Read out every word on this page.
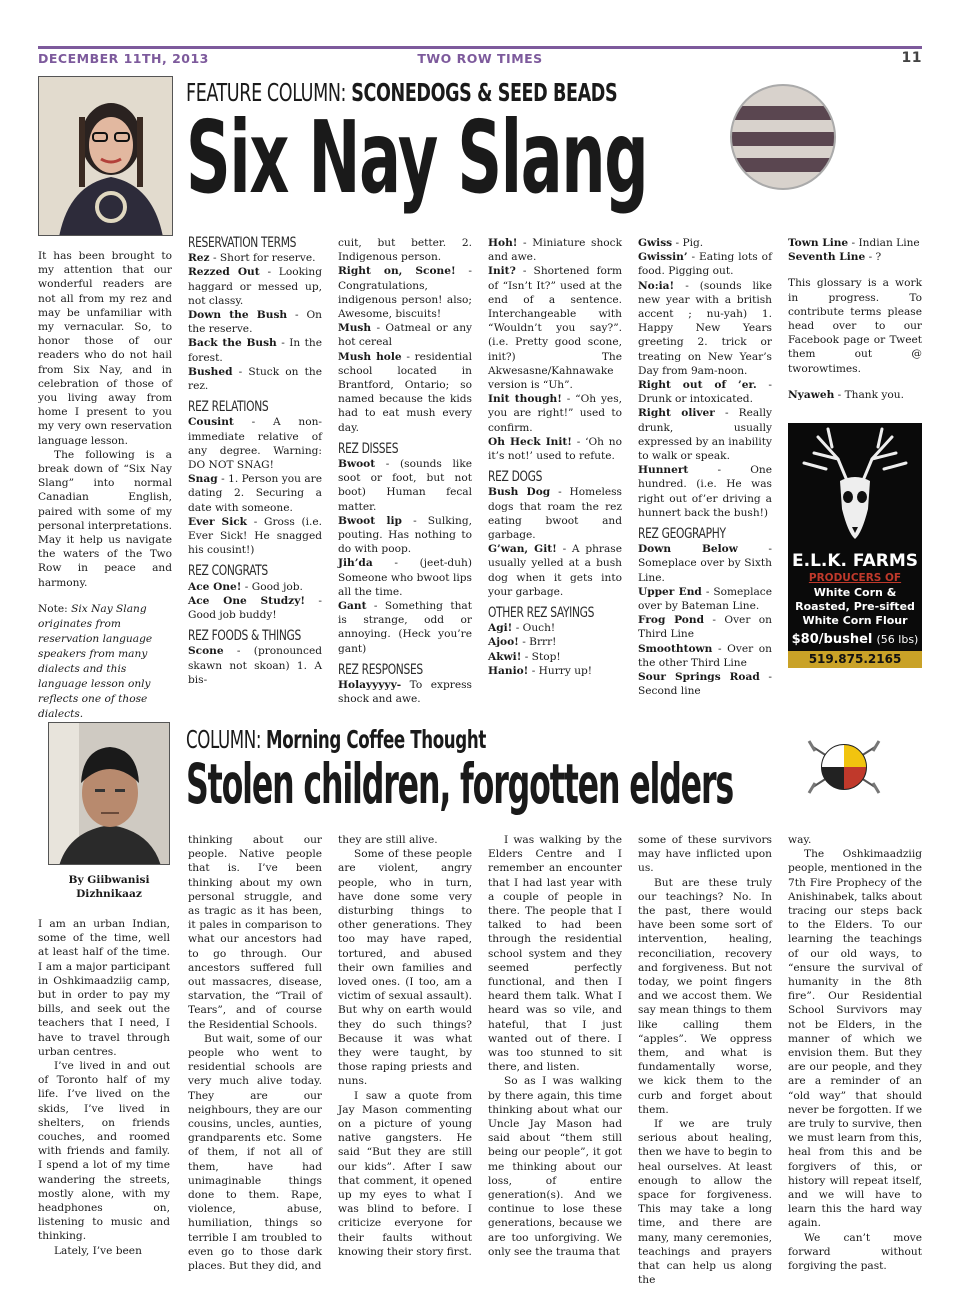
DECEMBER 11TH, 2013	TWO ROW TIMES	11
FEATURE COLUMN: SCONEDOGS & SEED BEADS
Six Nay Slang

It has been brought to my attention that our wonderful readers are not all from my rez and may be unfamiliar with my vernacular. So, to honor those of our readers who do not hail from Six Nay, and in celebration of those of you living away from home I present to you my very own reservation language lesson.

The following is a break down of “Six Nay Slang” into normal Canadian English, paired with some of my personal interpretations. May it help us navigate the waters of the Two Row in peace and harmony.

Note: Six Nay Slang originates from reservation language speakers from many dialects and this language lesson only reflects one of those dialects.

RESERVATION TERMS

Rez - Short for reserve.

Rezzed Out - Looking haggard or messed up, not classy.

Down the Bush - On the reserve.

Back the Bush - In the forest.

Bushed - Stuck on the rez.

REZ RELATIONS

Cousint - A non-immediate relative of any degree. Warning: DO NOT SNAG!

Snag - 1. Person you are dating 2. Securing a date with someone.

Ever Sick - Gross (i.e. Ever Sick! He snagged his cousint!)

REZ CONGRATS

Ace One! - Good job.

Ace One Studzy! - Good job buddy!

REZ FOODS & THINGS

Scone - (pronounced skawn not skoan) 1. A bis-

cuit, but better. 2. Indigenous person.

Right on, Scone! - Congratulations, indigenous person! also; Awesome, biscuits!

Mush - Oatmeal or any hot cereal

Mush hole - residential school located in Brantford, Ontario; so named because the kids had to eat mush every day.

REZ DISSES

Bwoot - (sounds like soot or foot, but not boot) Human fecal matter.

Bwoot lip - Sulking, pouting. Has nothing to do with poop.

Jih’da - (jeet-duh) Someone who bwoot lips all the time.

Gant - Something that is strange, odd or annoying. (Heck you’re gant)

REZ RESPONSES

Holayyyyy- To express shock and awe.

Hoh! - Miniature shock and awe.

Init? - Shortened form of “Isn’t It?” used at the end of a sentence. Interchangeable with “Wouldn’t you say?”. (i.e. Pretty good scone, init?) The Akwesasne/Kahnawake version is “Uh”.

Init though! - “Oh yes, you are right!” used to confirm.

Oh Heck Init! - ‘Oh no it’s not!’ used to refute.

REZ DOGS

Bush Dog - Homeless dogs that roam the rez eating bwoot and garbage.

G’wan, Git! - A phrase usually yelled at a bush dog when it gets into your garbage.

OTHER REZ SAYINGS

Agi! - Ouch!

Ajoo! - Brrr!

Akwi! - Stop!

Hanio! - Hurry up!

Gwiss - Pig.

Gwissin’ - Eating lots of food. Pigging out.

No:ia! - (sounds like new year with a british accent ; nu-yah) 1. Happy New Years greeting 2. trick or treating on New Year’s Day from 9am-noon.

Right out of ’er. - Drunk or intoxicated.

Right oliver - Really drunk, usually expressed by an inability to walk or speak.

Hunnert	- One hundred. (i.e. He was right out of’er driving a hunnert back the bush!)

REZ GEOGRAPHY

Down Below	- Someplace over by Sixth Line.

Upper End - Someplace over by Bateman Line.

Frog Pond - Over on Third Line

Smoothtown - Over on the other Third Line

Sour Springs Road - Second line

Town Line - Indian Line

Seventh Line - ?

This glossary is a work in progress. To contribute terms please head over to our Facebook page or Tweet them out @ tworowtimes.

Nyaweh - Thank you.

E.L.K. FARMS
PRODUCERS OF
White Corn &
Roasted, Pre-sifted
White Corn Flour
$80/bushel (56 lbs)
519.875.2165
By Giibwanisi
Dizhnikaaz
COLUMN: Morning Coffee Thought
Stolen children, forgotten elders

I am an urban Indian, some of the time, well at least half of the time. I am a major participant in Oshkimaadziig camp, but in order to pay my bills, and seek out the teachers that I need, I have to travel through urban centres.

I’ve lived in and out of Toronto half of my life. I’ve lived on the skids, I’ve lived in shelters, on friends couches, and roomed with friends and family. I spend a lot of my time wandering the streets, mostly alone, with my headphones on, listening to music and thinking.

Lately, I’ve been

thinking about our people. Native people that is. I’ve been thinking about my own personal struggle, and as tragic as it has been, it pales in comparison to what our ancestors had to go through. Our ancestors suffered full out massacres, disease, starvation, the “Trail of Tears”, and of course the Residential Schools.

But wait, some of our people who went to residential schools are very much alive today. They are our neighbours, they are our cousins, uncles, aunties, grandparents etc. Some of them, if not all of them, have had unimaginable things done to them. Rape, violence, abuse, humiliation, things so terrible I am troubled to even go to those dark places. But they did, and

they are still alive.

Some of these people are violent, angry people, who in turn, have done some very disturbing things to other generations. They too may have raped, tortured, and abused their own families and loved ones. (I too, am a victim of sexual assault). But why on earth would they do such things? Because it was what they were taught, by those raping priests and nuns.

I saw a quote from Jay Mason commenting on a picture of young native gangsters. He said “But they are still our kids”. After I saw that comment, it opened up my eyes to what I was blind to before. I criticize everyone for their faults without knowing their story first.

I was walking by the Elders Centre and I remember an encounter that I had last year with a couple of people in there. The people that I talked to had been through the residential school system and they seemed perfectly functional, and then I heard them talk. What I heard was so vile, and hateful, that I just wanted out of there. I was too stunned to sit there, and listen.

So as I was walking by there again, this time thinking about what our Uncle Jay Mason had said about “them still being our people”, it got me thinking about our loss, of entire generation(s). And we continue to lose these generations, because we are too unforgiving. We only see the trauma that

some of these survivors may have inflicted upon us.

But are these truly our teachings? No. In the past, there would have been some sort of intervention, healing, reconciliation, recovery and forgiveness. But not today, we point fingers and we accost them. We say mean things to them like calling them “apples”. We oppress them, and what is fundamentally worse, we kick them to the curb and forget about them.

If we are truly serious about healing, then we have to begin to heal ourselves. At least enough to allow the space for forgiveness. This may take a long time, and there are many, many ceremonies, teachings and prayers that can help us along the

way.

The Oshkimaadziig people, mentioned in the 7th Fire Prophecy of the Anishinabek, talks about tracing our steps back to the Elders. To our learning the teachings of our old ways, to “ensure the survival of humanity in the 8th fire”. Our Residential School Survivors may not be Elders, in the manner of which we envision them. But they are our people, and they are a reminder of an “old way” that should never be forgotten. If we are truly to survive, then we must learn from this, heal from this and be forgivers of this, or history will repeat itself, and we will have to learn this the hard way again.

We can’t move forward without forgiving the past.
